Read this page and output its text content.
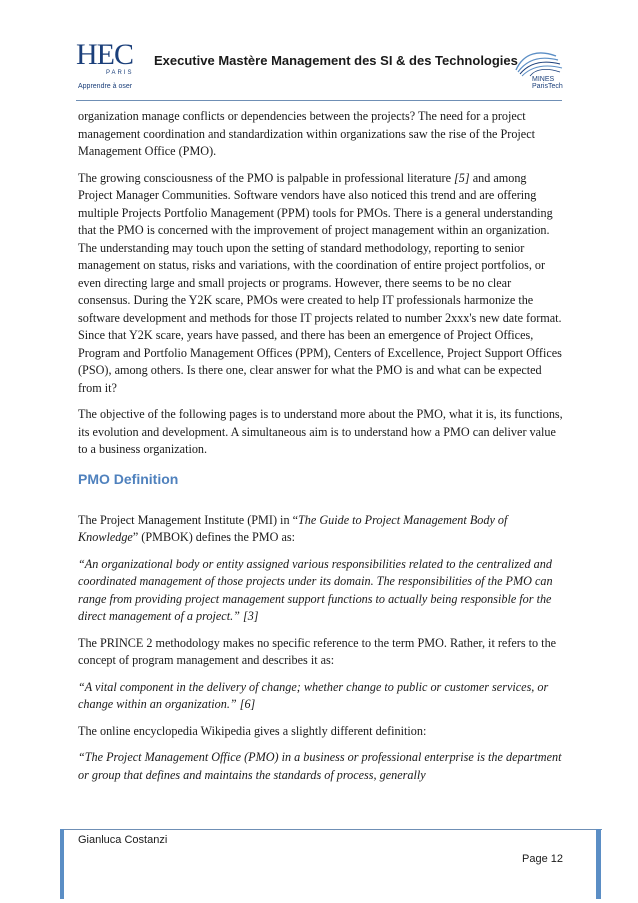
HEC
PARIS
Apprendre à oser
Executive Mastère Management des SI & des Technologies
MINES
ParisTech

organization manage conflicts or dependencies between the projects? The need for a project management coordination and standardization within organizations saw the rise of the Project Management Office (PMO).

The growing consciousness of the PMO is palpable in professional literature [5] and among Project Manager Communities. Software vendors have also noticed this trend and are offering multiple Projects Portfolio Management (PPM) tools for PMOs. There is a general understanding that the PMO is concerned with the improvement of project management within an organization. The understanding may touch upon the setting of standard methodology, reporting to senior management on status, risks and variations, with the coordination of entire project portfolios, or even directing large and small projects or programs. However, there seems to be no clear consensus. During the Y2K scare, PMOs were created to help IT professionals harmonize the software development and methods for those IT projects related to number 2xxx's new date format. Since that Y2K scare, years have passed, and there has been an emergence of Project Offices, Program and Portfolio Management Offices (PPM), Centers of Excellence, Project Support Offices (PSO), among others. Is there one, clear answer for what the PMO is and what can be expected from it?

The objective of the following pages is to understand more about the PMO, what it is, its functions, its evolution and development. A simultaneous aim is to understand how a PMO can deliver value to a business organization.

PMO Definition

The Project Management Institute (PMI) in “The Guide to Project Management Body of Knowledge” (PMBOK) defines the PMO as:

“An organizational body or entity assigned various responsibilities related to the centralized and coordinated management of those projects under its domain. The responsibilities of the PMO can range from providing project management support functions to actually being responsible for the direct management of a project.” [3]

The PRINCE 2 methodology makes no specific reference to the term PMO. Rather, it refers to the concept of program management and describes it as:

“A vital component in the delivery of change; whether change to public or customer services, or change within an organization.” [6]

The online encyclopedia Wikipedia gives a slightly different definition:

“The Project Management Office (PMO) in a business or professional enterprise is the department or group that defines and maintains the standards of process, generally

Gianluca Costanzi
Page 12
